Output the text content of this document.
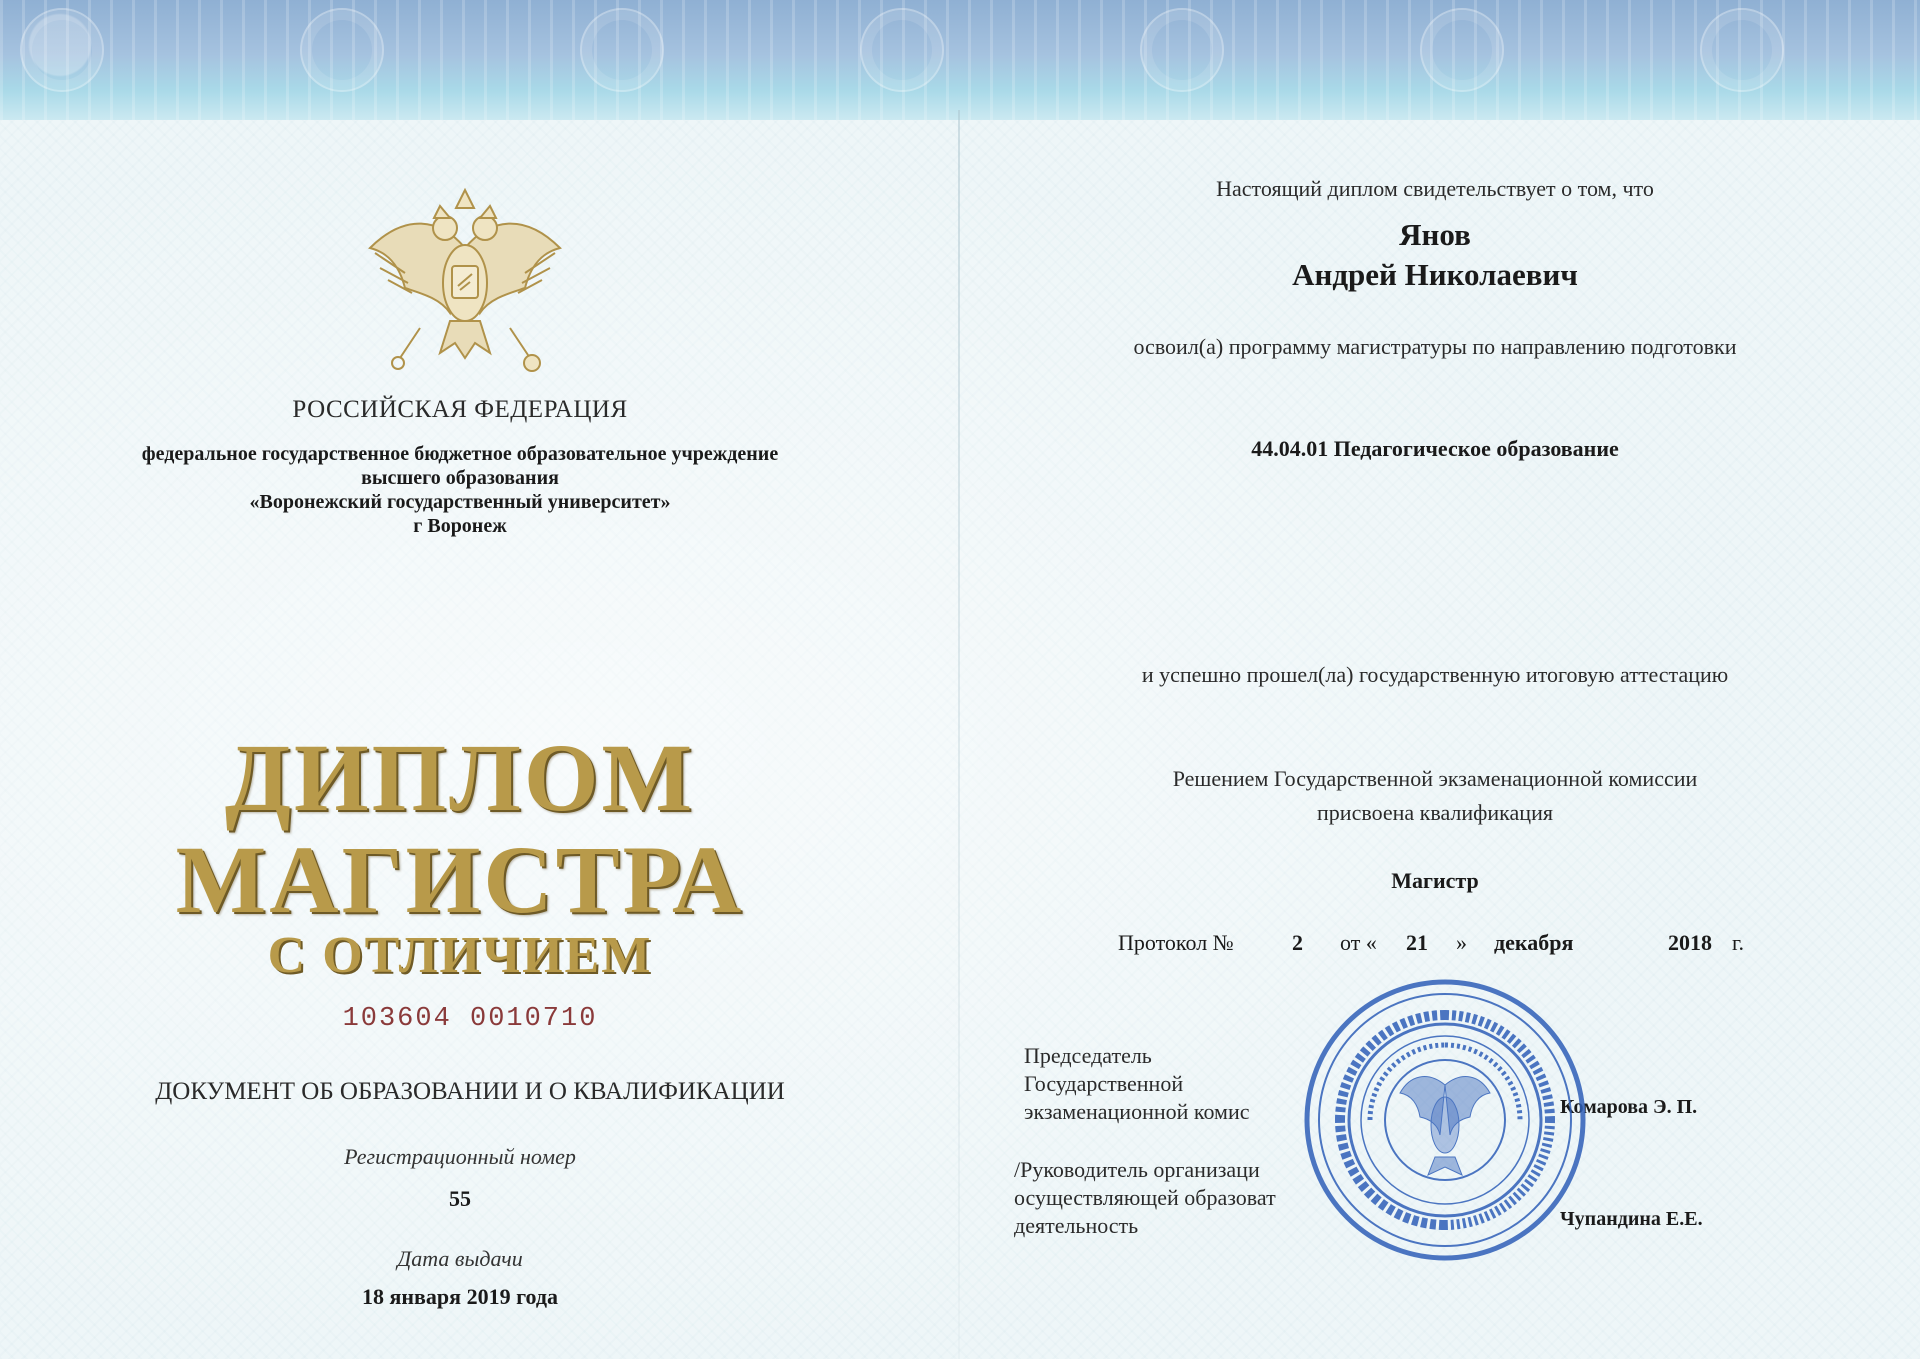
РОССИЙСКАЯ ФЕДЕРАЦИЯ
федеральное государственное бюджетное образовательное учреждение
высшего образования
«Воронежский государственный университет»
г Воронеж
ДИПЛОМ
МАГИСТРА
С ОТЛИЧИЕМ
103604 0010710
ДОКУМЕНТ ОБ ОБРАЗОВАНИИ И О КВАЛИФИКАЦИИ
Регистрационный номер
55
Дата выдачи
18 января 2019 года
Настоящий диплом свидетельствует о том, что
Янов
Андрей Николаевич
освоил(а) программу магистратуры по направлению подготовки
44.04.01 Педагогическое образование
и успешно прошел(ла) государственную итоговую аттестацию
Решением Государственной экзаменационной комиссии
присвоена квалификация
Магистр
Протокол №	2 от « 21 » декабря	2018 г.
Председатель
Государственной
экзаменационной комис	Комарова Э. П.
/Руководитель организаци
осуществляющей образоват
деятельность	Чупандина Е.Е.
